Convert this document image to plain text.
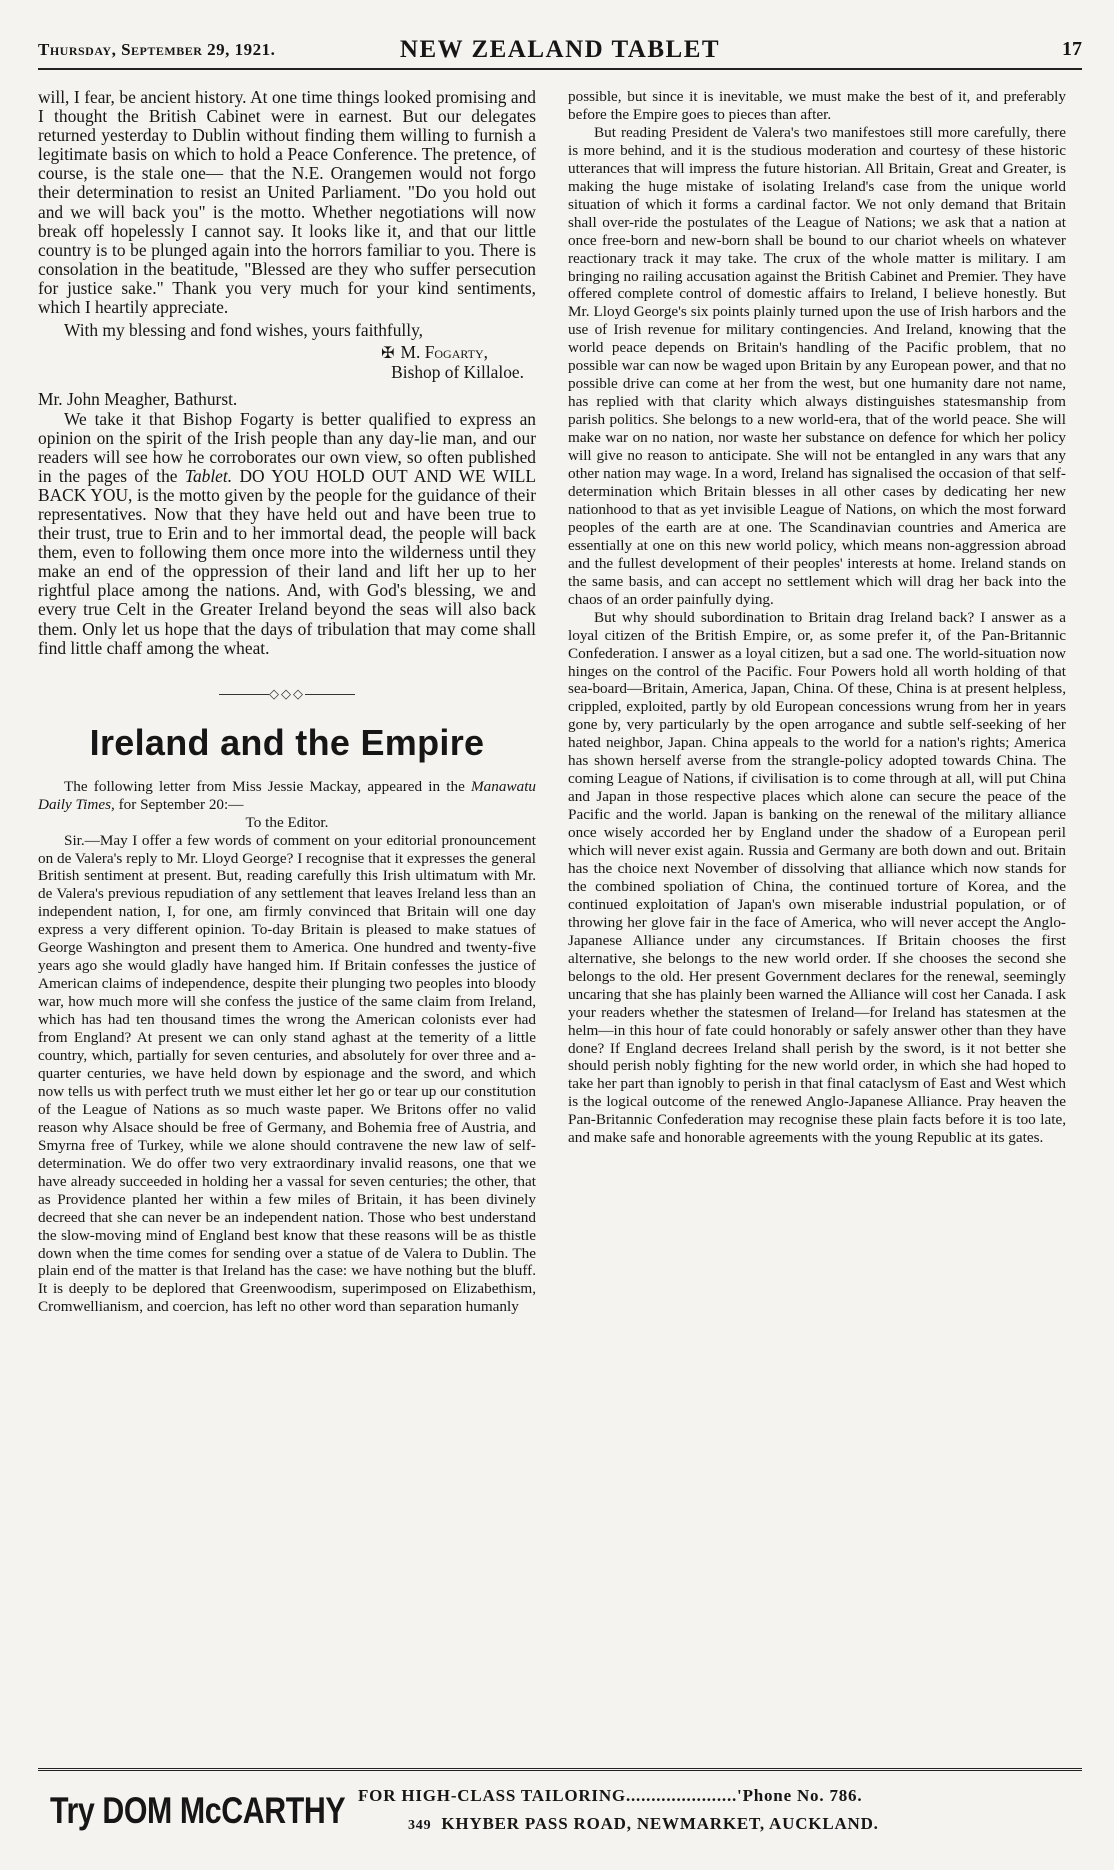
Thursday, September 29, 1921.	NEW ZEALAND TABLET	17

will, I fear, be ancient history. At one time things looked promising and I thought the British Cabinet were in earnest. But our delegates returned yesterday to Dublin without finding them willing to furnish a legitimate basis on which to hold a Peace Conference. The pretence, of course, is the stale one— that the N.E. Orangemen would not forgo their determination to resist an United Parliament. "Do you hold out and we will back you" is the motto. Whether negotiations will now break off hopelessly I cannot say. It looks like it, and that our little country is to be plunged again into the horrors familiar to you. There is consolation in the beatitude, "Blessed are they who suffer persecution for justice sake." Thank you very much for your kind sentiments, which I heartily appreciate.

With my blessing and fond wishes, yours faithfully,

✠ M. Fogarty,

Bishop of Killaloe.

Mr. John Meagher, Bathurst.

We take it that Bishop Fogarty is better qualified to express an opinion on the spirit of the Irish people than any day-lie man, and our readers will see how he corroborates our own view, so often published in the pages of the Tablet. DO YOU HOLD OUT AND WE WILL BACK YOU, is the motto given by the people for the guidance of their representatives. Now that they have held out and have been true to their trust, true to Erin and to her immortal dead, the people will back them, even to following them once more into the wilderness until they make an end of the oppression of their land and lift her up to her rightful place among the nations. And, with God's blessing, we and every true Celt in the Greater Ireland beyond the seas will also back them. Only let us hope that the days of tribulation that may come shall find little chaff among the wheat.

◇◇◇
Ireland and the Empire

The following letter from Miss Jessie Mackay, appeared in the Manawatu Daily Times, for September 20:—

To the Editor.

Sir.—May I offer a few words of comment on your editorial pronouncement on de Valera's reply to Mr. Lloyd George? I recognise that it expresses the general British sentiment at present. But, reading carefully this Irish ultimatum with Mr. de Valera's previous repudiation of any settlement that leaves Ireland less than an independent nation, I, for one, am firmly convinced that Britain will one day express a very different opinion. To-day Britain is pleased to make statues of George Washington and present them to America. One hundred and twenty-five years ago she would gladly have hanged him. If Britain confesses the justice of American claims of independence, despite their plunging two peoples into bloody war, how much more will she confess the justice of the same claim from Ireland, which has had ten thousand times the wrong the American colonists ever had from England? At present we can only stand aghast at the temerity of a little country, which, partially for seven centuries, and absolutely for over three and a-quarter centuries, we have held down by espionage and the sword, and which now tells us with perfect truth we must either let her go or tear up our constitution of the League of Nations as so much waste paper. We Britons offer no valid reason why Alsace should be free of Germany, and Bohemia free of Austria, and Smyrna free of Turkey, while we alone should contravene the new law of self-determination. We do offer two very extraordinary invalid reasons, one that we have already succeeded in holding her a vassal for seven centuries; the other, that as Providence planted her within a few miles of Britain, it has been divinely decreed that she can never be an independent nation. Those who best understand the slow-moving mind of England best know that these reasons will be as thistle down when the time comes for sending over a statue of de Valera to Dublin. The plain end of the matter is that Ireland has the case: we have nothing but the bluff. It is deeply to be deplored that Greenwoodism, superimposed on Elizabethism, Cromwellianism, and coercion, has left no other word than separation humanly

possible, but since it is inevitable, we must make the best of it, and preferably before the Empire goes to pieces than after.

But reading President de Valera's two manifestoes still more carefully, there is more behind, and it is the studious moderation and courtesy of these historic utterances that will impress the future historian. All Britain, Great and Greater, is making the huge mistake of isolating Ireland's case from the unique world situation of which it forms a cardinal factor. We not only demand that Britain shall over-ride the postulates of the League of Nations; we ask that a nation at once free-born and new-born shall be bound to our chariot wheels on whatever reactionary track it may take. The crux of the whole matter is military. I am bringing no railing accusation against the British Cabinet and Premier. They have offered complete control of domestic affairs to Ireland, I believe honestly. But Mr. Lloyd George's six points plainly turned upon the use of Irish harbors and the use of Irish revenue for military contingencies. And Ireland, knowing that the world peace depends on Britain's handling of the Pacific problem, that no possible war can now be waged upon Britain by any European power, and that no possible drive can come at her from the west, but one humanity dare not name, has replied with that clarity which always distinguishes statesmanship from parish politics. She belongs to a new world-era, that of the world peace. She will make war on no nation, nor waste her substance on defence for which her policy will give no reason to anticipate. She will not be entangled in any wars that any other nation may wage. In a word, Ireland has signalised the occasion of that self-determination which Britain blesses in all other cases by dedicating her new nationhood to that as yet invisible League of Nations, on which the most forward peoples of the earth are at one. The Scandinavian countries and America are essentially at one on this new world policy, which means non-aggression abroad and the fullest development of their peoples' interests at home. Ireland stands on the same basis, and can accept no settlement which will drag her back into the chaos of an order painfully dying.

But why should subordination to Britain drag Ireland back? I answer as a loyal citizen of the British Empire, or, as some prefer it, of the Pan-Britannic Confederation. I answer as a loyal citizen, but a sad one. The world-situation now hinges on the control of the Pacific. Four Powers hold all worth holding of that sea-board—Britain, America, Japan, China. Of these, China is at present helpless, crippled, exploited, partly by old European concessions wrung from her in years gone by, very particularly by the open arrogance and subtle self-seeking of her hated neighbor, Japan. China appeals to the world for a nation's rights; America has shown herself averse from the strangle-policy adopted towards China. The coming League of Nations, if civilisation is to come through at all, will put China and Japan in those respective places which alone can secure the peace of the Pacific and the world. Japan is banking on the renewal of the military alliance once wisely accorded her by England under the shadow of a European peril which will never exist again. Russia and Germany are both down and out. Britain has the choice next November of dissolving that alliance which now stands for the combined spoliation of China, the continued torture of Korea, and the continued exploitation of Japan's own miserable industrial population, or of throwing her glove fair in the face of America, who will never accept the Anglo-Japanese Alliance under any circumstances. If Britain chooses the first alternative, she belongs to the new world order. If she chooses the second she belongs to the old. Her present Government declares for the renewal, seemingly uncaring that she has plainly been warned the Alliance will cost her Canada. I ask your readers whether the statesmen of Ireland—for Ireland has statesmen at the helm—in this hour of fate could honorably or safely answer other than they have done? If England decrees Ireland shall perish by the sword, is it not better she should perish nobly fighting for the new world order, in which she had hoped to take her part than ignobly to perish in that final cataclysm of East and West which is the logical outcome of the renewed Anglo-Japanese Alliance. Pray heaven the Pan-Britannic Confederation may recognise these plain facts before it is too late, and make safe and honorable agreements with the young Republic at its gates.

Try DOM McCARTHY FOR HIGH-CLASS TAILORING......................'Phone No. 786.
349 KHYBER PASS ROAD, NEWMARKET, AUCKLAND.
